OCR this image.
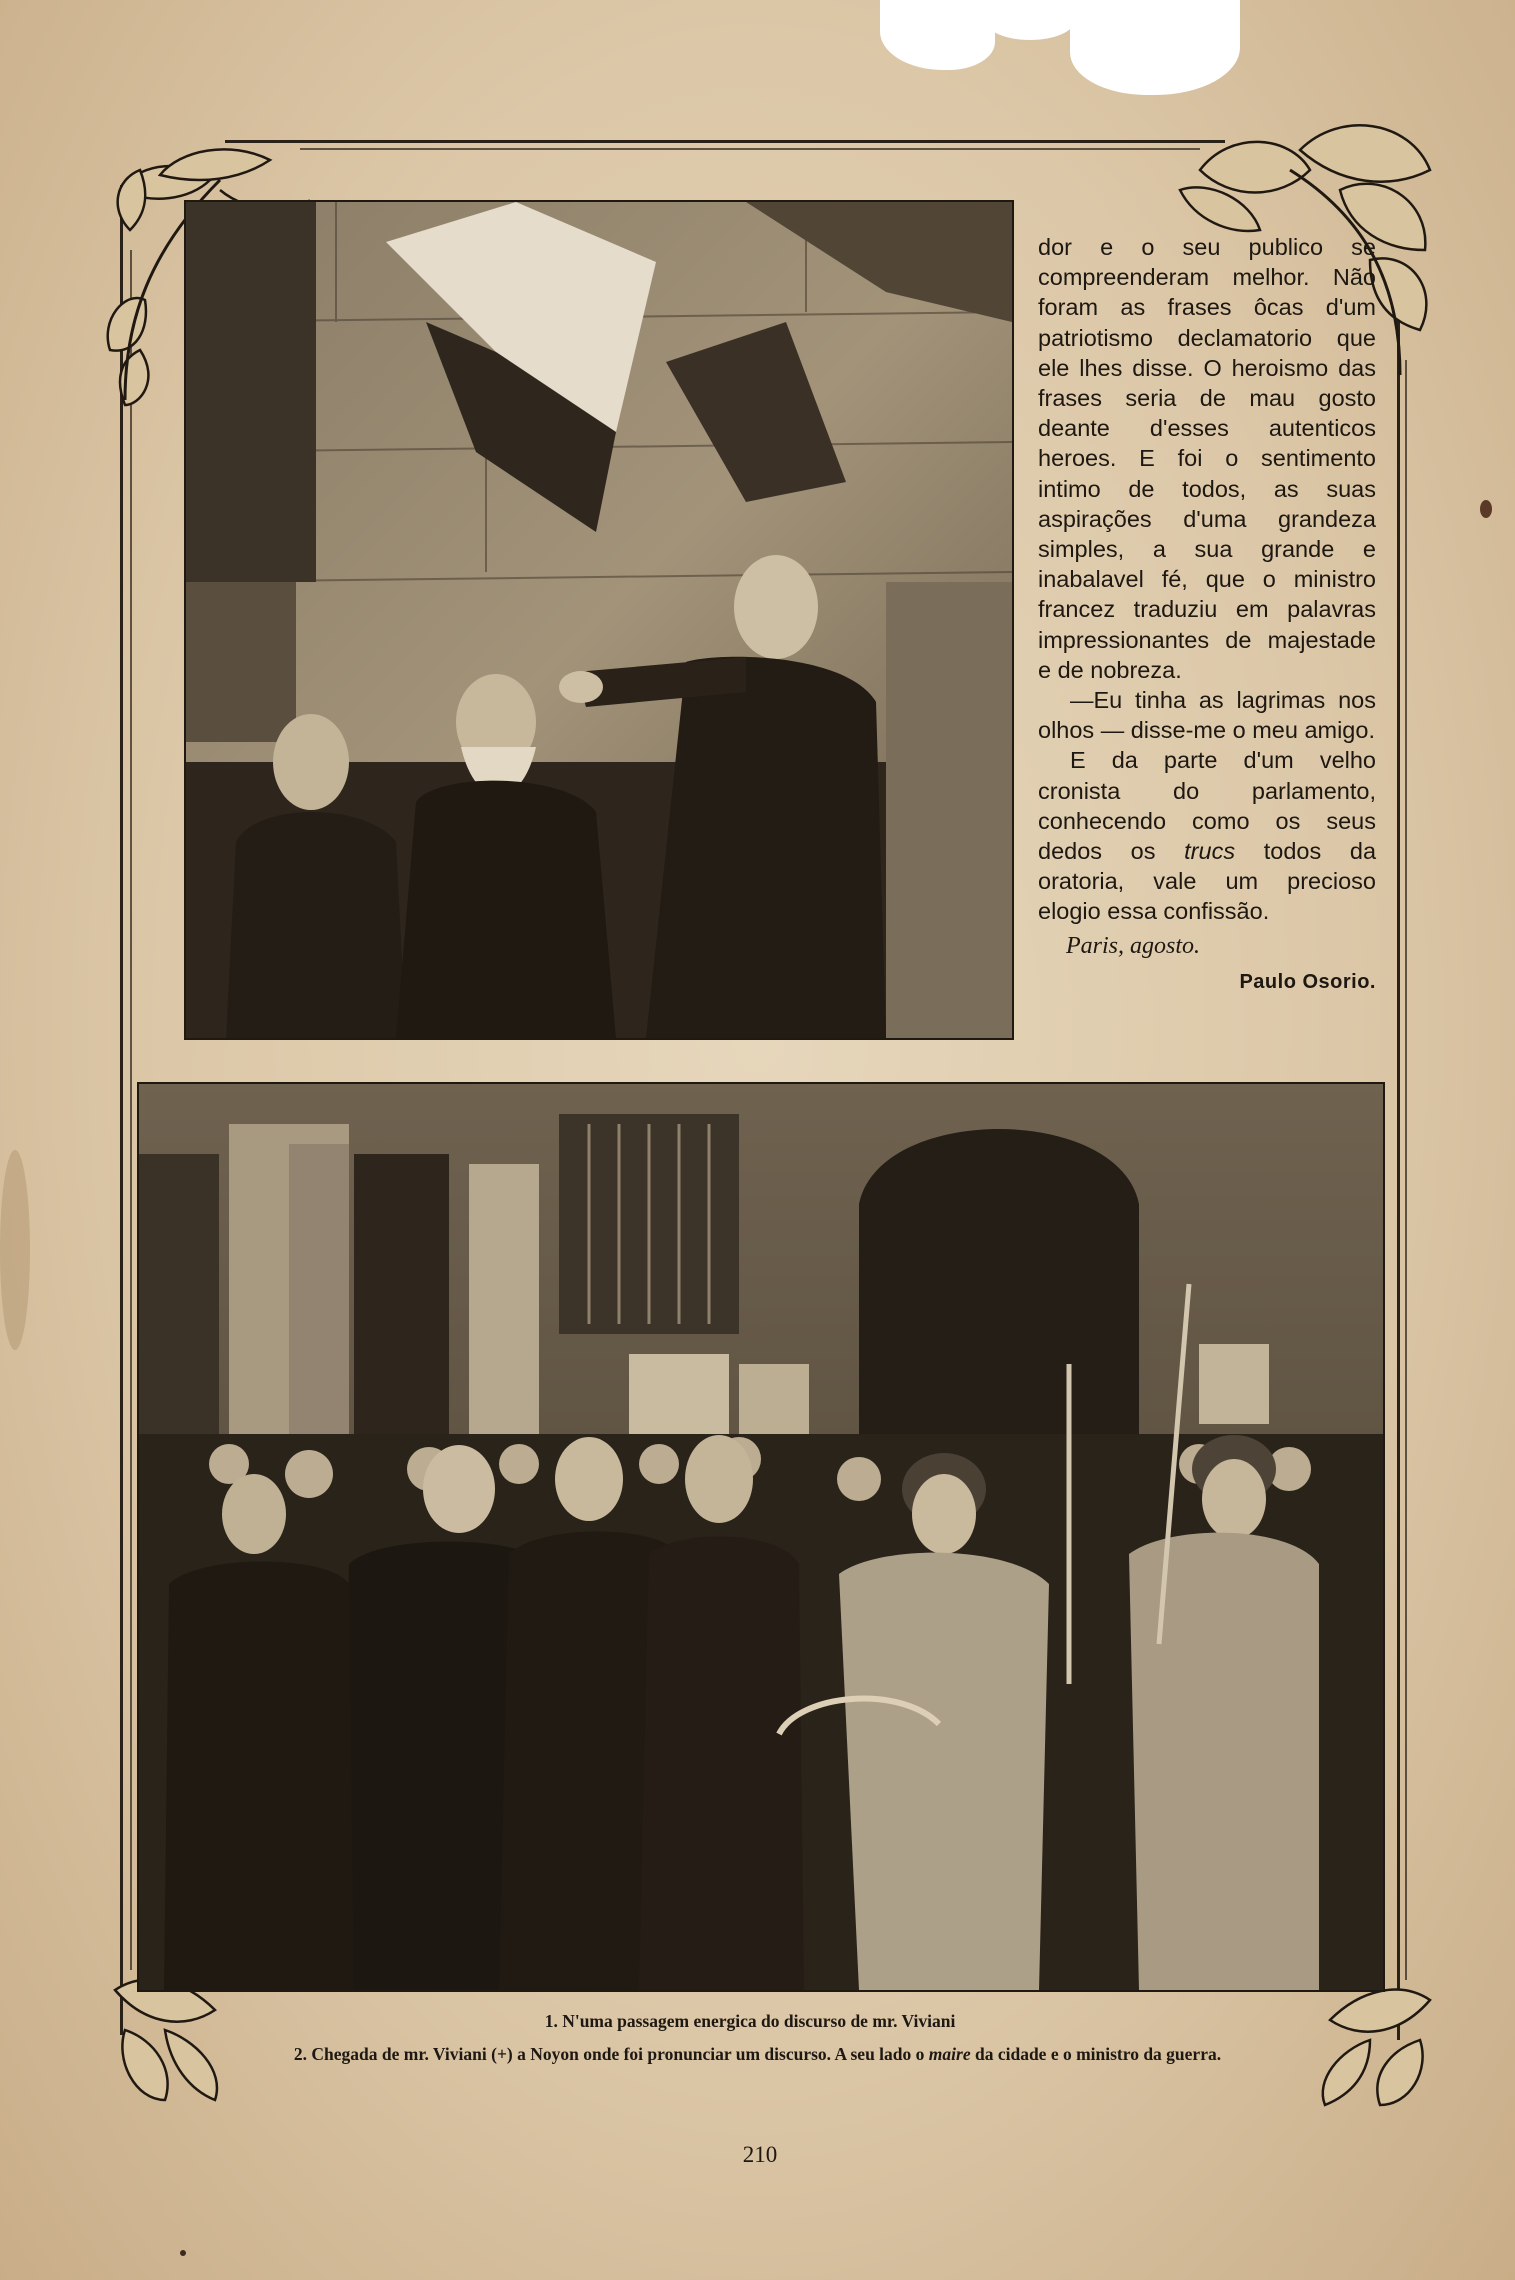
dor e o seu publico se compreenderam melhor. Não foram as frases ôcas d'um patriotismo declamatorio que ele lhes disse. O heroismo das frases seria de mau gosto deante d'esses autenticos heroes. E foi o sentimento intimo de todos, as suas aspirações d'uma grandeza simples, a sua grande e inabalavel fé, que o ministro francez traduziu em palavras impressionantes de majestade e de nobreza.

—Eu tinha as lagrimas nos olhos — disse-me o meu amigo.

E da parte d'um velho cronista do parlamento, conhecendo como os seus dedos os trucs todos da oratoria, vale um precioso elogio essa confissão.

Paris, agosto.

Paulo Osorio.

1. N'uma passagem energica do discurso de mr. Viviani
2. Chegada de mr. Viviani (+) a Noyon onde foi pronunciar um discurso. A seu lado o maire da cidade e o ministro da guerra.
210
